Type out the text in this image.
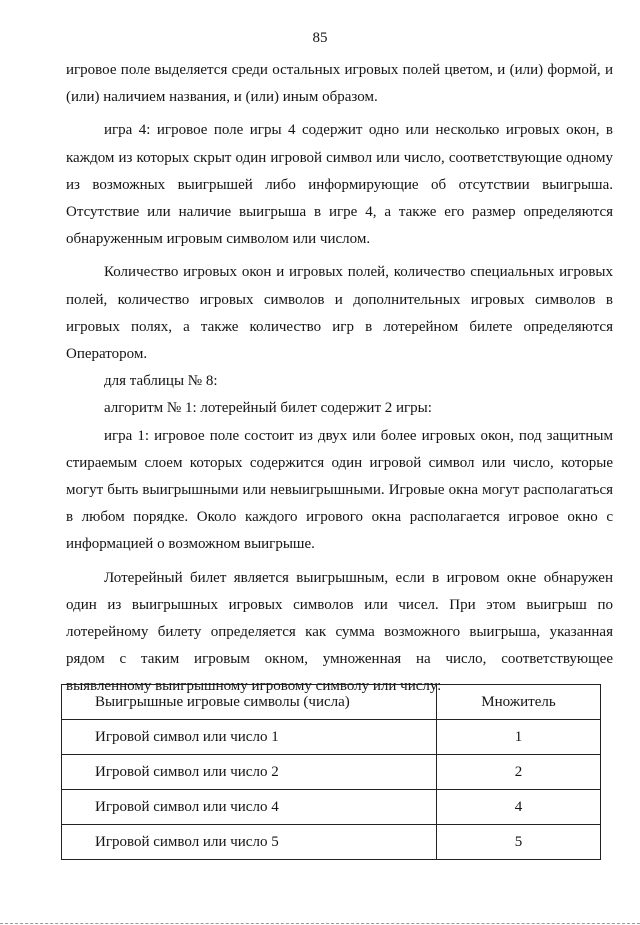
85

игровое поле выделяется среди остальных игровых полей цветом, и (или) формой, и (или) наличием названия, и (или) иным образом.

игра 4: игровое поле игры 4 содержит одно или несколько игровых окон, в каждом из которых скрыт один игровой символ или число, соответствующие одному из возможных выигрышей либо информирующие об отсутствии выигрыша. Отсутствие или наличие выигрыша в игре 4, а также его размер определяются обнаруженным игровым символом или числом.

Количество игровых окон и игровых полей, количество специальных игровых полей, количество игровых символов и дополнительных игровых символов в игровых полях, а также количество игр в лотерейном билете определяются Оператором.

для таблицы № 8:

алгоритм № 1: лотерейный билет содержит 2 игры:

игра 1: игровое поле состоит из двух или более игровых окон, под защитным стираемым слоем которых содержится один игровой символ или число, которые могут быть выигрышными или невыигрышными. Игровые окна могут располагаться в любом порядке. Около каждого игрового окна располагается игровое окно с информацией о возможном выигрыше.

Лотерейный билет является выигрышным, если в игровом окне обнаружен один из выигрышных игровых символов или чисел. При этом выигрыш по лотерейному билету определяется как сумма возможного выигрыша, указанная рядом с таким игровым окном, умноженная на число, соответствующее выявленному выигрышному игровому символу или числу:

Выигрышные игровые символы (числа)	Множитель
Игровой символ или число 1	1
Игровой символ или число 2	2
Игровой символ или число 4	4
Игровой символ или число 5	5
